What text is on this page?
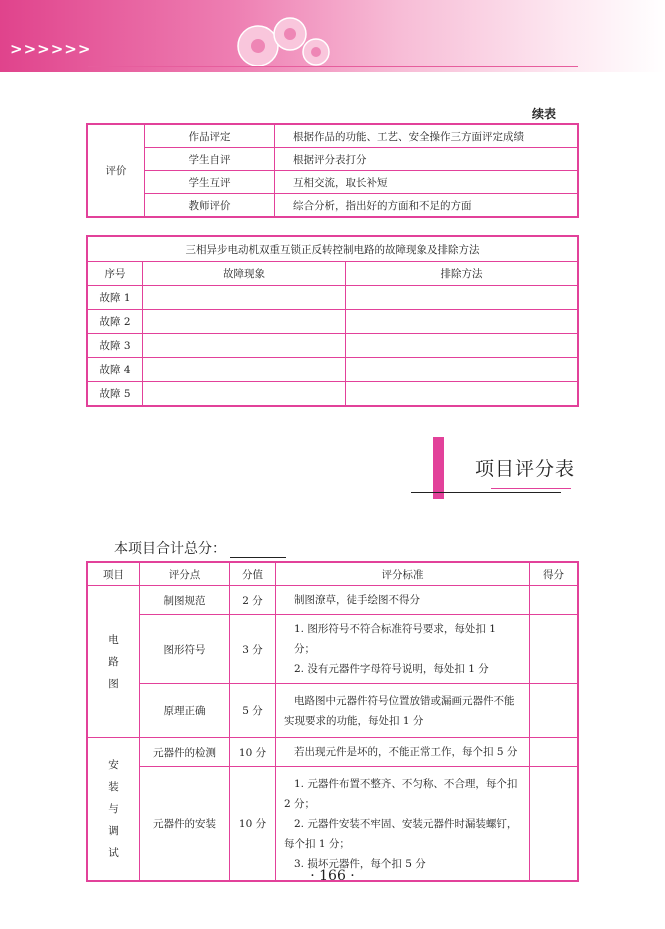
>>>>>>
续表
评价	作品评定	根据作品的功能、工艺、安全操作三方面评定成绩
	学生自评	根据评分表打分
	学生互评	互相交流，取长补短
	教师评价	综合分析，指出好的方面和不足的方面
三相异步电动机双重互锁正反转控制电路的故障现象及排除方法		
序号	故障现象	排除方法
故障 1		
故障 2		
故障 3		
故障 4		
故障 5		
项目评分表
本项目合计总分：
项目	评分点	分值	评分标准	得分

电
路
图	制图规范	2 分	制图潦草，徒手绘图不得分	

	图形符号	3 分	1. 图形符号不符合标准符号要求，每处扣 1 分；
2. 没有元器件字母符号说明，每处扣 1 分	

	原理正确	5 分	电路图中元器件符号位置放错或漏画元器件不能实现要求的功能，每处扣 1 分	

安
装
与
调
试	元器件的检测	10 分	若出现元件是坏的，不能正常工作，每个扣 5 分	

	元器件的安装	10 分	1. 元器件布置不整齐、不匀称、不合理，每个扣 2 分；
2. 元器件安装不牢固、安装元器件时漏装螺钉，每个扣 1 分；
3. 损坏元器件，每个扣 5 分	

· 166 ·
